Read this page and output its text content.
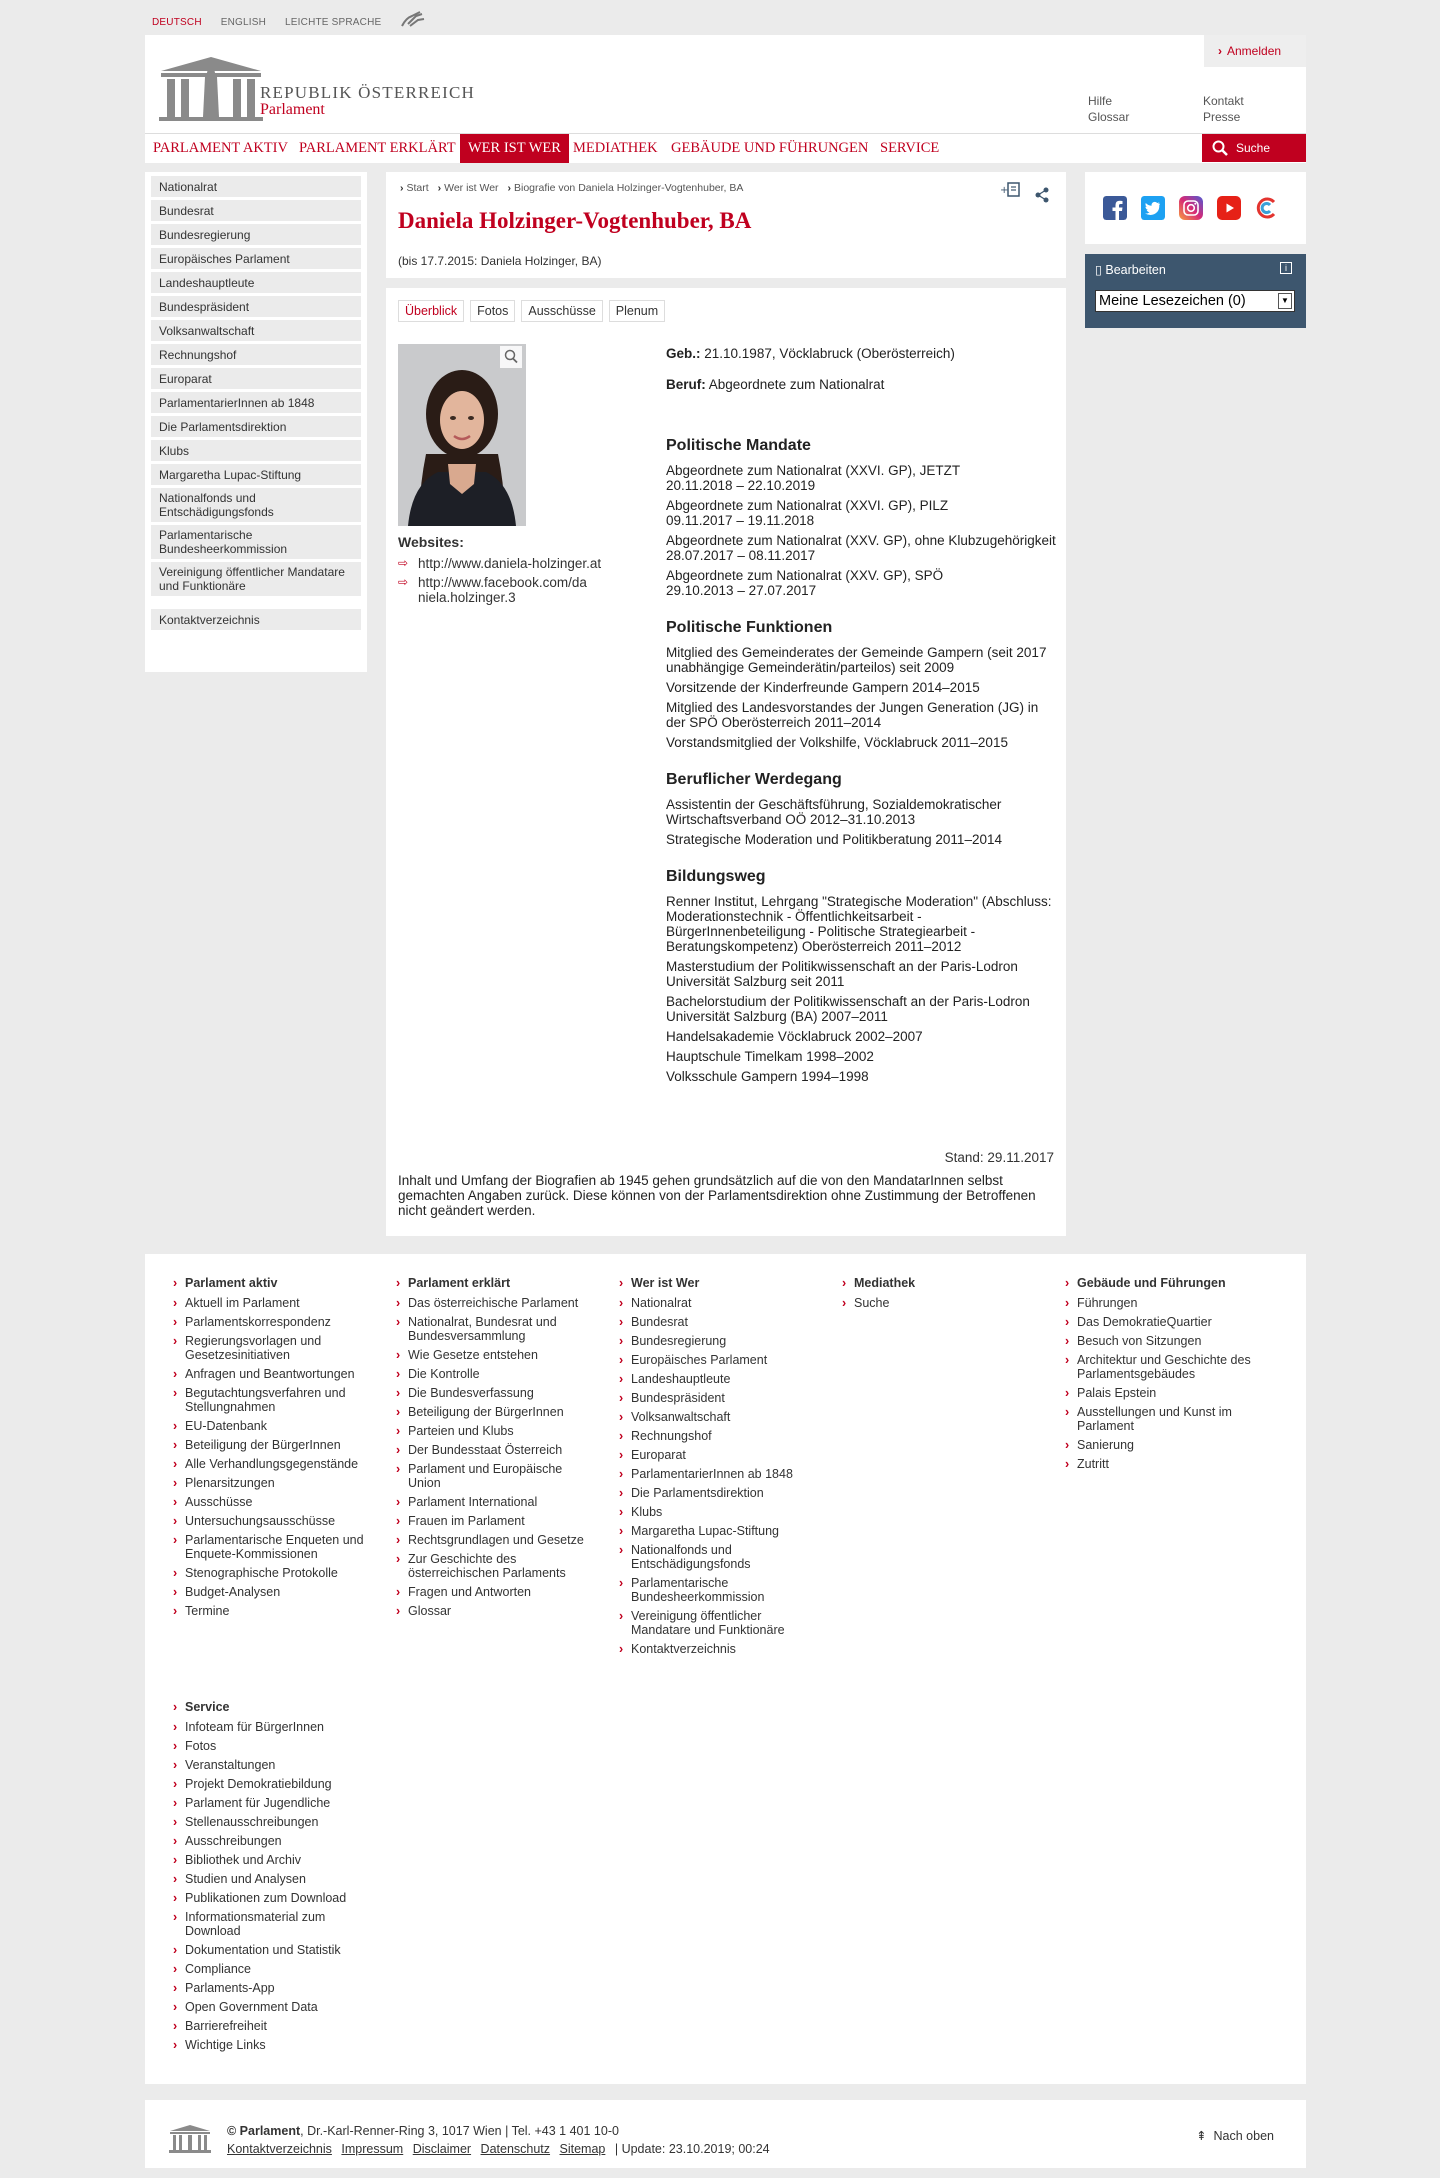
DEUTSCH ENGLISH LEICHTE SPRACHE
REPUBLIK ÖSTERREICH
Parlament
› Anmelden
Hilfe
Glossar
Kontakt
Presse
PARLAMENT AKTIV PARLAMENT ERKLÄRT WER IST WER MEDIATHEK GEBÄUDE UND FÜHRUNGEN SERVICE	Suche
Nationalrat
Bundesrat
Bundesregierung
Europäisches Parlament
Landeshauptleute
Bundespräsident
Volksanwaltschaft
Rechnungshof
Europarat
ParlamentarierInnen ab 1848
Die Parlamentsdirektion
Klubs
Margaretha Lupac-Stiftung
Nationalfonds und Entschädigungsfonds
Parlamentarische Bundesheerkommission
Vereinigung öffentlicher Mandatare und Funktionäre
Kontaktverzeichnis
› Start › Wer ist Wer › Biografie von Daniela Holzinger-Vogtenhuber, BA	+
Daniela Holzinger-Vogtenhuber, BA
(bis 17.7.2015: Daniela Holzinger, BA)
Überblick	Fotos	Ausschüsse	Plenum
Websites:
⇨ http://www.daniela-holzinger.at
⇨ http://www.facebook.com/daniela.holzinger.3
Geb.: 21.10.1987, Vöcklabruck (Oberösterreich)
Beruf: Abgeordnete zum Nationalrat
Politische Mandate
Abgeordnete zum Nationalrat (XXVI. GP), JETZT
20.11.2018 – 22.10.2019
Abgeordnete zum Nationalrat (XXVI. GP), PILZ
09.11.2017 – 19.11.2018
Abgeordnete zum Nationalrat (XXV. GP), ohne Klubzugehörigkeit
28.07.2017 – 08.11.2017
Abgeordnete zum Nationalrat (XXV. GP), SPÖ
29.10.2013 – 27.07.2017
Politische Funktionen
Mitglied des Gemeinderates der Gemeinde Gampern (seit 2017 unabhängige Gemeinderätin/parteilos) seit 2009
Vorsitzende der Kinderfreunde Gampern 2014–2015
Mitglied des Landesvorstandes der Jungen Generation (JG) in der SPÖ Oberösterreich 2011–2014
Vorstandsmitglied der Volkshilfe, Vöcklabruck 2011–2015
Beruflicher Werdegang
Assistentin der Geschäftsführung, Sozialdemokratischer Wirtschaftsverband OÖ 2012–31.10.2013
Strategische Moderation und Politikberatung 2011–2014
Bildungsweg
Renner Institut, Lehrgang "Strategische Moderation" (Abschluss: Moderationstechnik - Öffentlichkeitsarbeit - BürgerInnenbeteiligung - Politische Strategiearbeit - Beratungskompetenz) Oberösterreich 2011–2012
Masterstudium der Politikwissenschaft an der Paris-Lodron Universität Salzburg seit 2011
Bachelorstudium der Politikwissenschaft an der Paris-Lodron Universität Salzburg (BA) 2007–2011
Handelsakademie Vöcklabruck 2002–2007
Hauptschule Timelkam 1998–2002
Volksschule Gampern 1994–1998
Stand: 29.11.2017
Inhalt und Umfang der Biografien ab 1945 gehen grundsätzlich auf die von den MandatarInnen selbst gemachten Angaben zurück. Diese können von der Parlamentsdirektion ohne Zustimmung der Betroffenen nicht geändert werden.
▯ Bearbeiten	i
Meine Lesezeichen (0)	▼
› Parlament aktiv
› Aktuell im Parlament
› Parlamentskorrespondenz
› Regierungsvorlagen und Gesetzesinitiativen
› Anfragen und Beantwortungen
› Begutachtungsverfahren und Stellungnahmen
› EU-Datenbank
› Beteiligung der BürgerInnen
› Alle Verhandlungsgegenstände
› Plenarsitzungen
› Ausschüsse
› Untersuchungsausschüsse
› Parlamentarische Enqueten und Enquete-Kommissionen
› Stenographische Protokolle
› Budget-Analysen
› Termine
› Parlament erklärt
› Das österreichische Parlament
› Nationalrat, Bundesrat und Bundesversammlung
› Wie Gesetze entstehen
› Die Kontrolle
› Die Bundesverfassung
› Beteiligung der BürgerInnen
› Parteien und Klubs
› Der Bundesstaat Österreich
› Parlament und Europäische Union
› Parlament International
› Frauen im Parlament
› Rechtsgrundlagen und Gesetze
› Zur Geschichte des österreichischen Parlaments
› Fragen und Antworten
› Glossar
› Wer ist Wer
› Nationalrat
› Bundesrat
› Bundesregierung
› Europäisches Parlament
› Landeshauptleute
› Bundespräsident
› Volksanwaltschaft
› Rechnungshof
› Europarat
› ParlamentarierInnen ab 1848
› Die Parlamentsdirektion
› Klubs
› Margaretha Lupac-Stiftung
› Nationalfonds und Entschädigungsfonds
› Parlamentarische Bundesheerkommission
› Vereinigung öffentlicher Mandatare und Funktionäre
› Kontaktverzeichnis
› Mediathek
› Suche
› Gebäude und Führungen
› Führungen
› Das DemokratieQuartier
› Besuch von Sitzungen
› Architektur und Geschichte des Parlamentsgebäudes
› Palais Epstein
› Ausstellungen und Kunst im Parlament
› Sanierung
› Zutritt
› Service
› Infoteam für BürgerInnen
› Fotos
› Veranstaltungen
› Projekt Demokratiebildung
› Parlament für Jugendliche
› Stellenausschreibungen
› Ausschreibungen
› Bibliothek und Archiv
› Studien und Analysen
› Publikationen zum Download
› Informationsmaterial zum Download
› Dokumentation und Statistik
› Compliance
› Parlaments-App
› Open Government Data
› Barrierefreiheit
› Wichtige Links
© Parlament, Dr.-Karl-Renner-Ring 3, 1017 Wien | Tel. +43 1 401 10-0
Kontaktverzeichnis Impressum Disclaimer Datenschutz Sitemap | Update: 23.10.2019; 00:24
⇞ Nach oben
